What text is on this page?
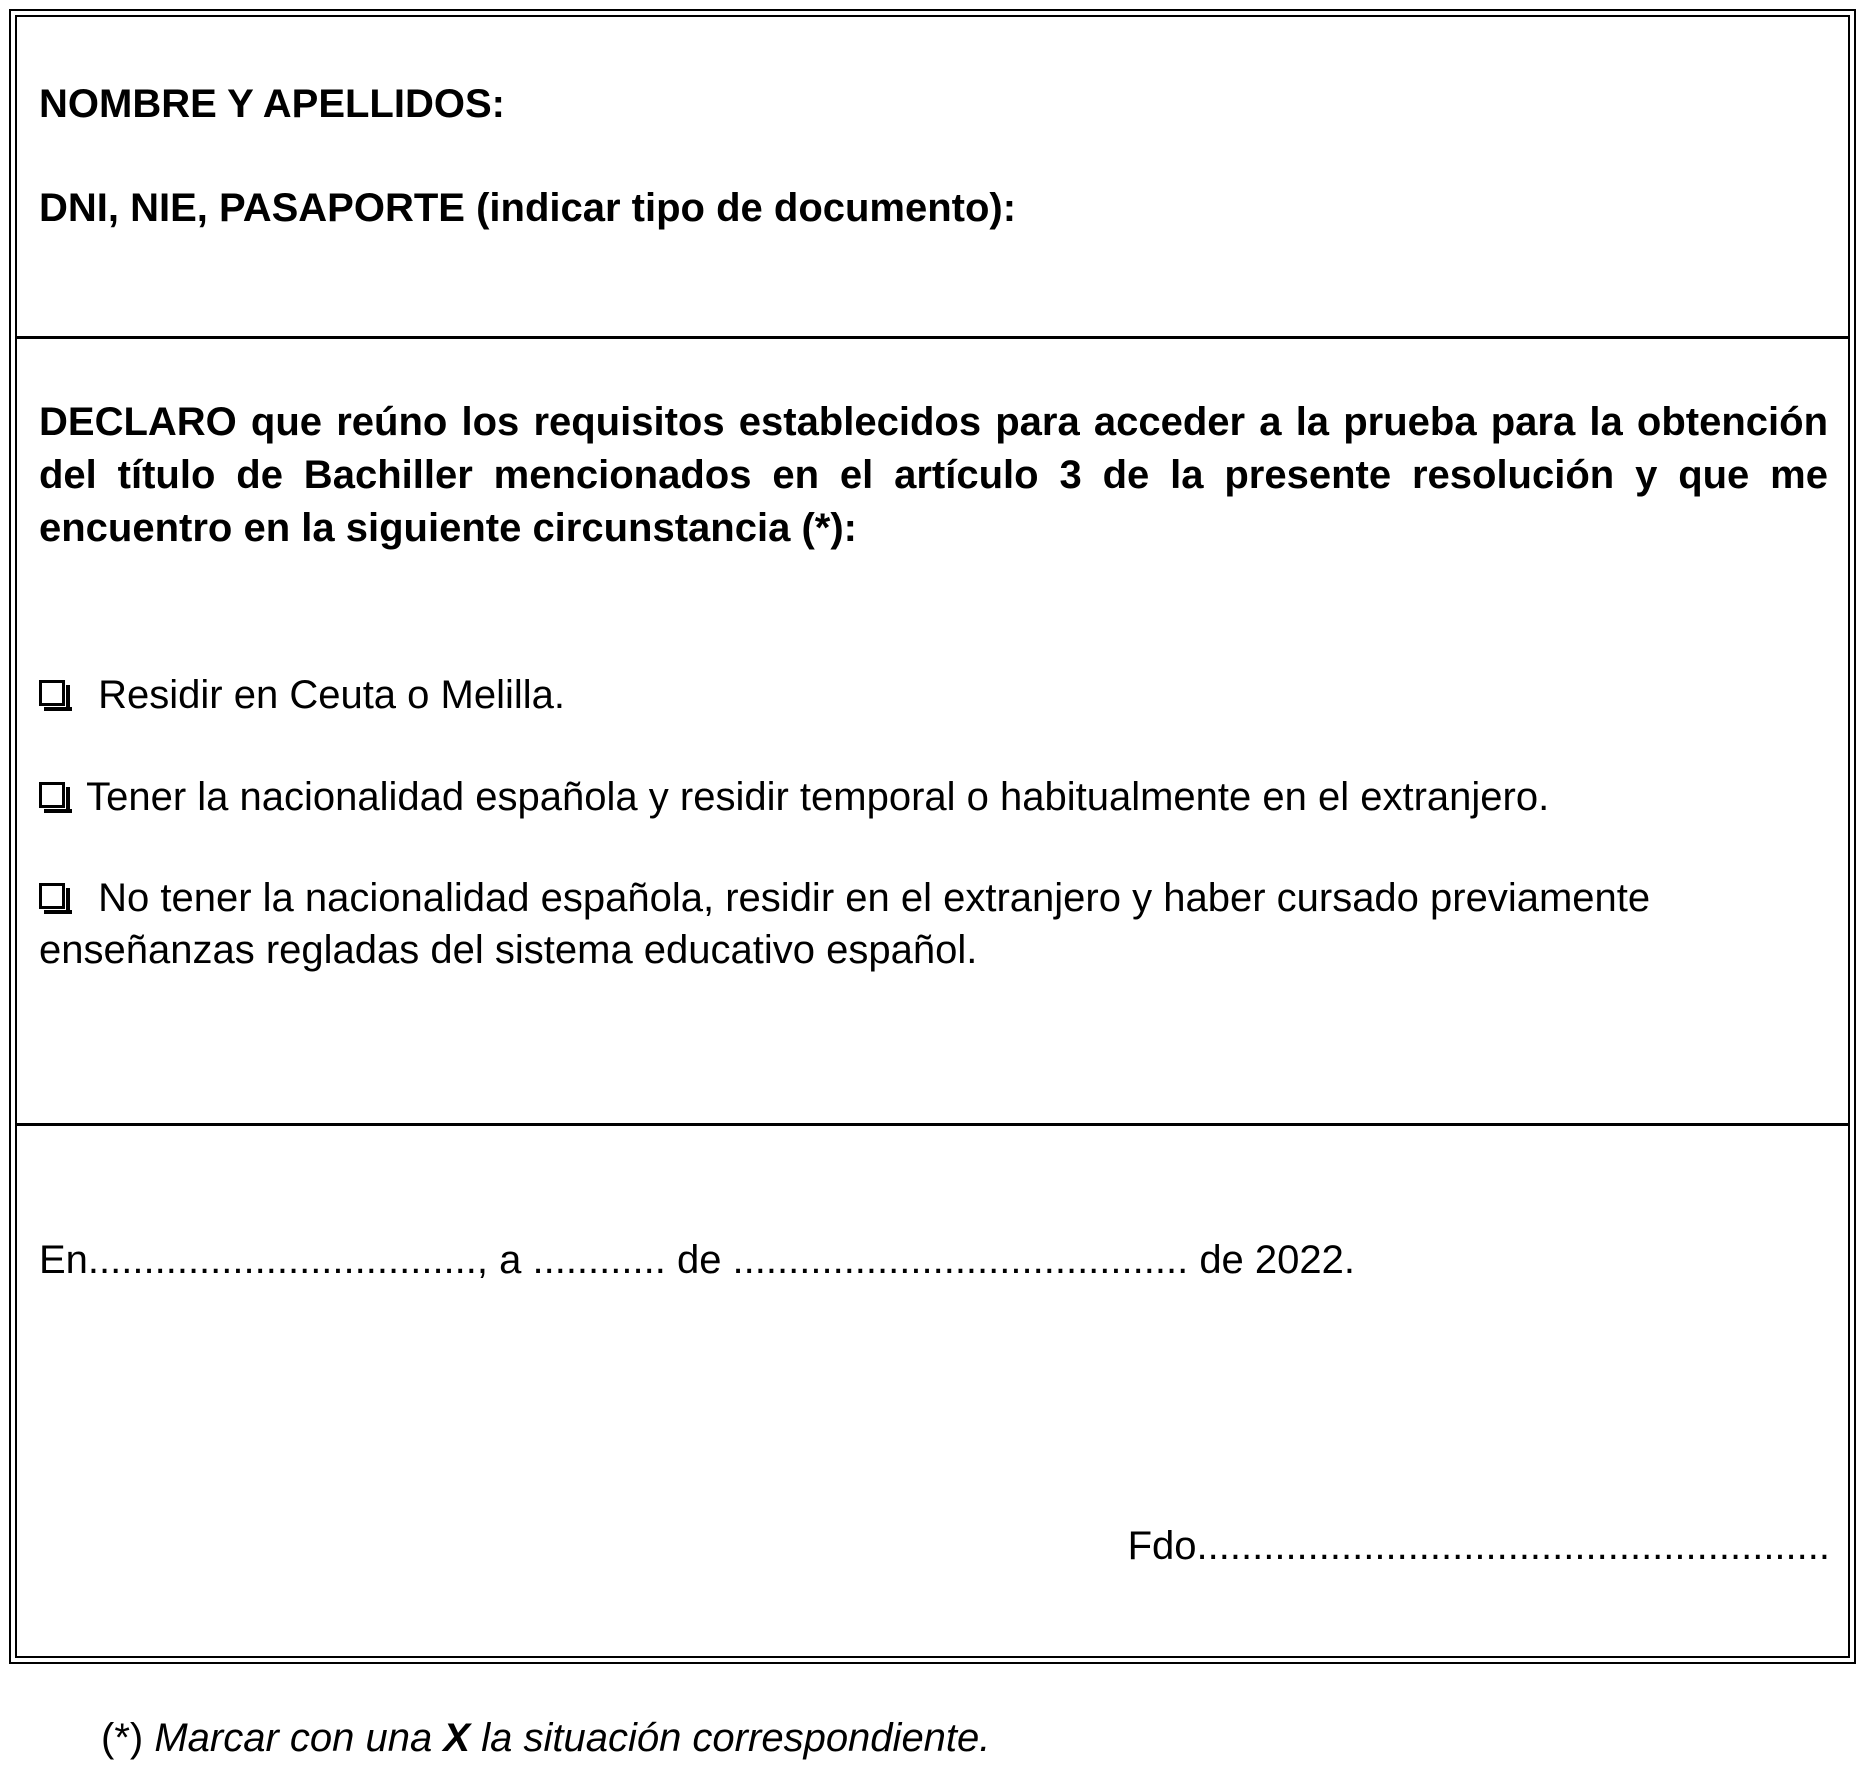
NOMBRE Y APELLIDOS:
DNI, NIE, PASAPORTE (indicar tipo de documento):
DECLARO que reúno los requisitos establecidos para acceder a la prueba para la obtención del título de Bachiller mencionados en el artículo 3 de la presente resolución y que me encuentro en la siguiente circunstancia (*):
Residir en Ceuta o Melilla.
Tener la nacionalidad española y residir temporal o habitualmente en el extranjero.
No tener la nacionalidad española, residir en el extranjero y haber cursado previamente enseñanzas regladas del sistema educativo español.
En..................................., a ............ de ......................................... de 2022.
Fdo.........................................................
(*) Marcar con una X la situación correspondiente.
